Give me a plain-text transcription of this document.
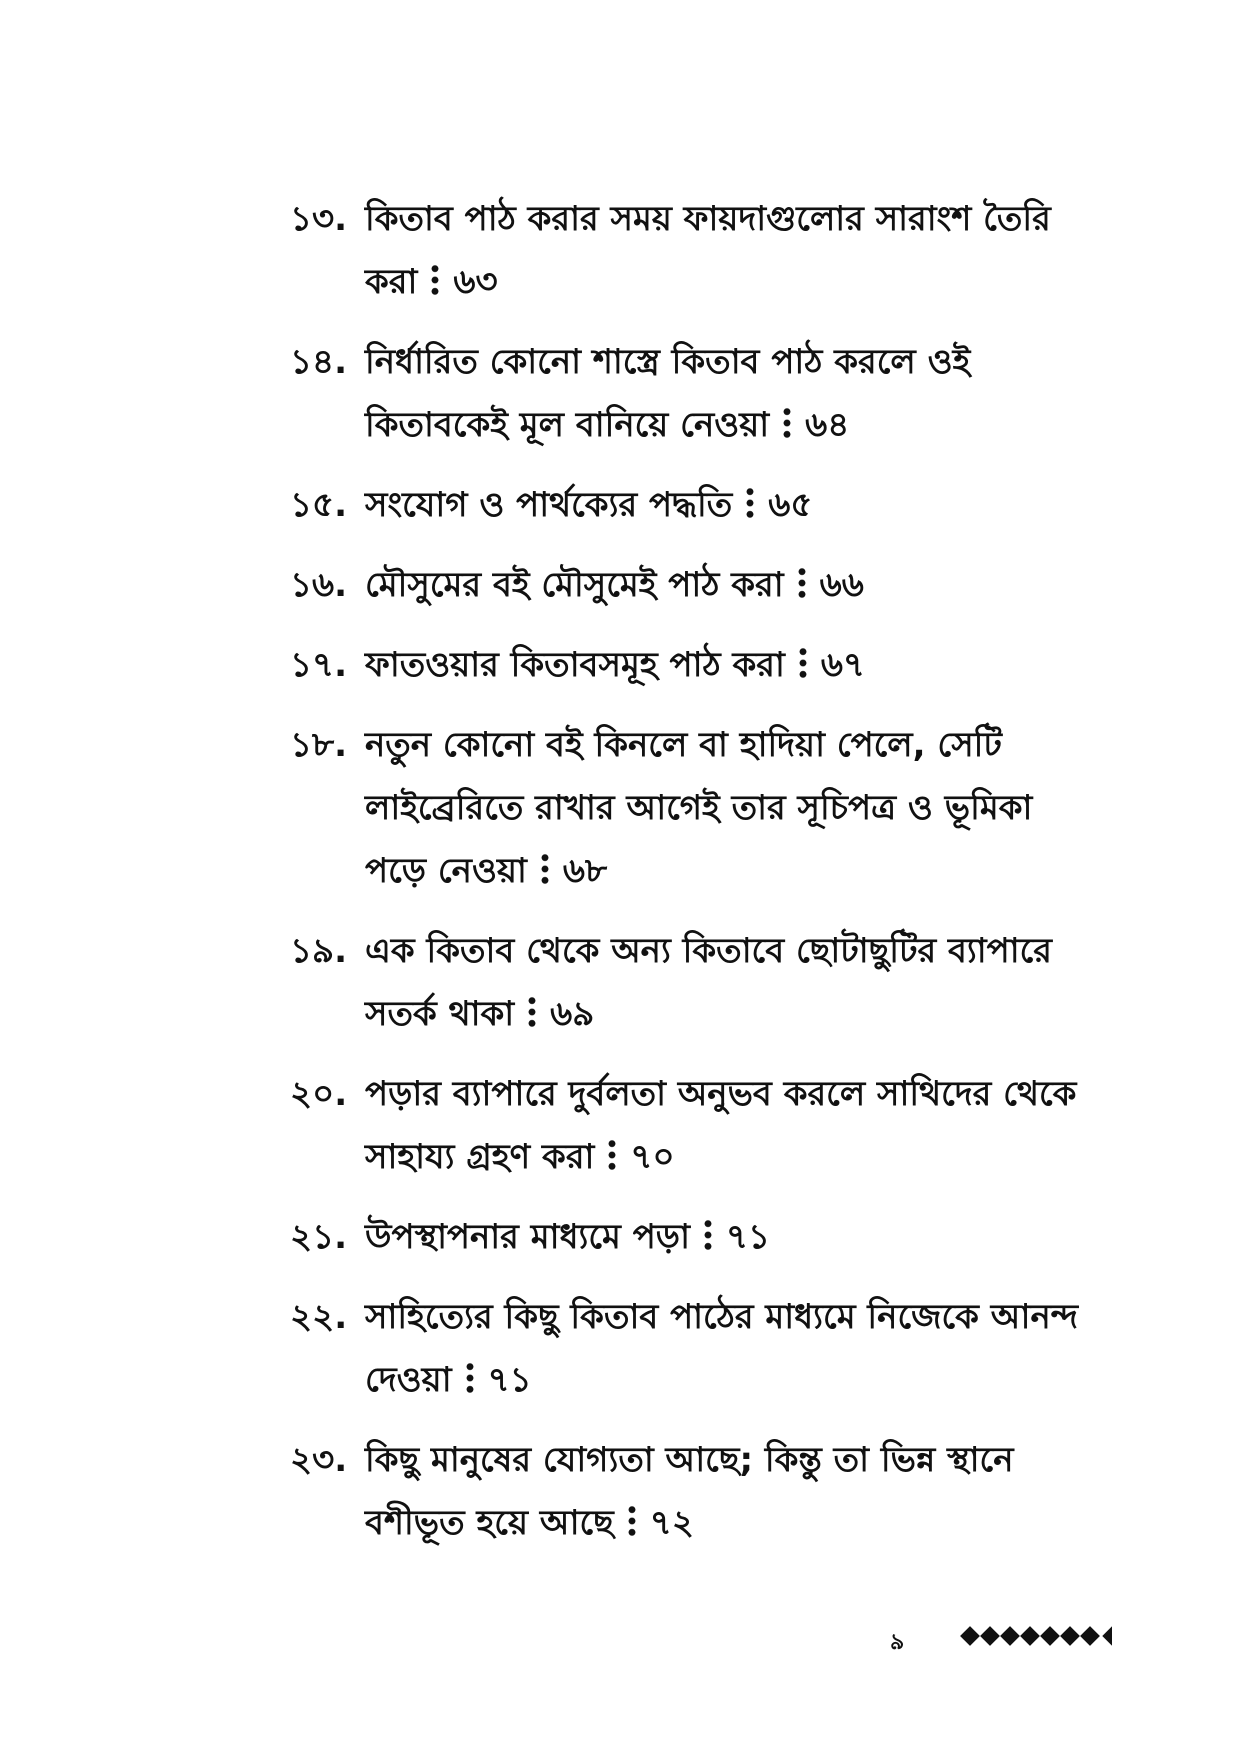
১৩. কিতাব পাঠ করার সময় ফায়দাগুলোর সারাংশ তৈরি করা ৬৩
১৪. নির্ধারিত কোনো শাস্ত্রে কিতাব পাঠ করলে ওই কিতাবকেই মূল বানিয়ে নেওয়া ৬৪
১৫. সংযোগ ও পার্থক্যের পদ্ধতি ৬৫
১৬. মৌসুমের বই মৌসুমেই পাঠ করা ৬৬
১৭. ফাতওয়ার কিতাবসমূহ পাঠ করা ৬৭
১৮. নতুন কোনো বই কিনলে বা হাদিয়া পেলে, সেটি লাইব্রেরিতে রাখার আগেই তার সূচিপত্র ও ভূমিকা পড়ে নেওয়া ৬৮
১৯. এক কিতাব থেকে অন্য কিতাবে ছোটাছুটির ব্যাপারে সতর্ক থাকা ৬৯
২০. পড়ার ব্যাপারে দুর্বলতা অনুভব করলে সাথিদের থেকে সাহায্য গ্রহণ করা ৭০
২১. উপস্থাপনার মাধ্যমে পড়া ৭১
২২. সাহিত্যের কিছু কিতাব পাঠের মাধ্যমে নিজেকে আনন্দ দেওয়া ৭১
২৩. কিছু মানুষের যোগ্যতা আছে; কিন্তু তা ভিন্ন স্থানে বশীভূত হয়ে আছে ৭২
৯
